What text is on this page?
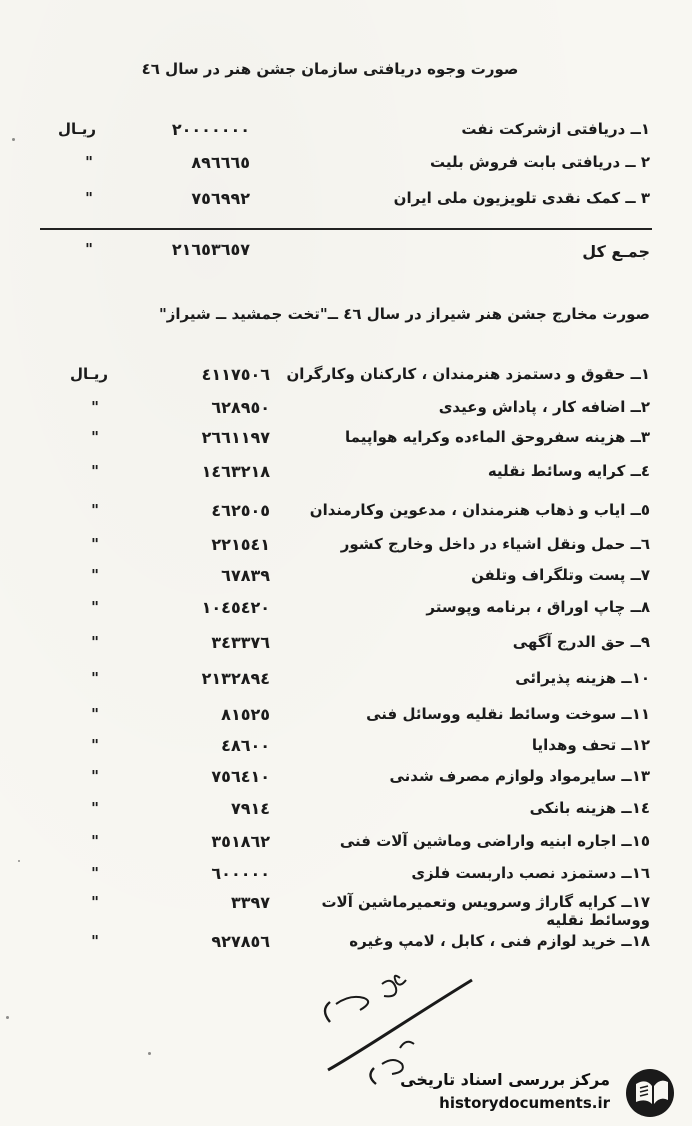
صورت وجوه دریافتی سازمان جشن هنر در سال ٤٦
١ــ دریافتی ازشرکت نفت
٢٠٠٠٠٠٠٠
ریـال
٢ ــ دریافتی بابت فروش بلیت
٨٩٦٦٦٥
"
٣ ــ کمک نقدی تلویزیون ملی ایران
٧٥٦٩٩٢
"
جمـع کل
٢١٦٥٣٦٥٧
"
صورت مخارج جشن هنر شیراز در سال ٤٦ ــ"تخت جمشید ــ شیراز"
١ــ حقوق و دستمزد هنرمندان ، کارکنان وکارگران
٤١١٧٥٠٦
ریـال
٢ــ اضافه کار ، پاداش وعیدی
٦٢٨٩٥٠
"
٣ــ هزینه سفروحق الماءده وکرایه هواپیما
٢٦٦١١٩٧
"
٤ــ کرایه وسائط نقلیه
١٤٦٣٢١٨
"
٥ــ ایاب و ذهاب هنرمندان ، مدعوین وکارمندان
٤٦٢٥٠٥
"
٦ــ حمل ونقل اشیاء در داخل وخارج کشور
٢٢١٥٤١
"
٧ــ پست وتلگراف وتلفن
٦٧٨٣٩
"
٨ــ چاپ اوراق ، برنامه وپوستر
١٠٤٥٤٢٠
"
٩ــ حق الدرج آگهی
٣٤٣٣٧٦
"
١٠ــ هزینه پذیرائی
٢١٣٢٨٩٤
"
١١ــ سوخت وسائط نقلیه ووسائل فنی
٨١٥٢٥
"
١٢ــ تحف وهدایا
٤٨٦٠٠
"
١٣ــ سایرمواد ولوازم مصرف شدنی
٧٥٦٤١٠
"
١٤ــ هزینه بانکی
٧٩١٤
"
١٥ــ اجاره ابنیه واراضی وماشین آلات فنی
٣٥١٨٦٢
"
١٦ــ دستمزد نصب داربست فلزی
٦٠٠٠٠٠
"
١٧ــ کرایه گاراژ وسرویس وتعمیرماشین آلات ووسائط نقلیه
٣٣٩٧
"
١٨ــ خرید لوازم فنی ، کابل ، لامپ وغیره
٩٢٧٨٥٦
"
مرکز بررسی اسناد تاریخی
historydocuments.ir
